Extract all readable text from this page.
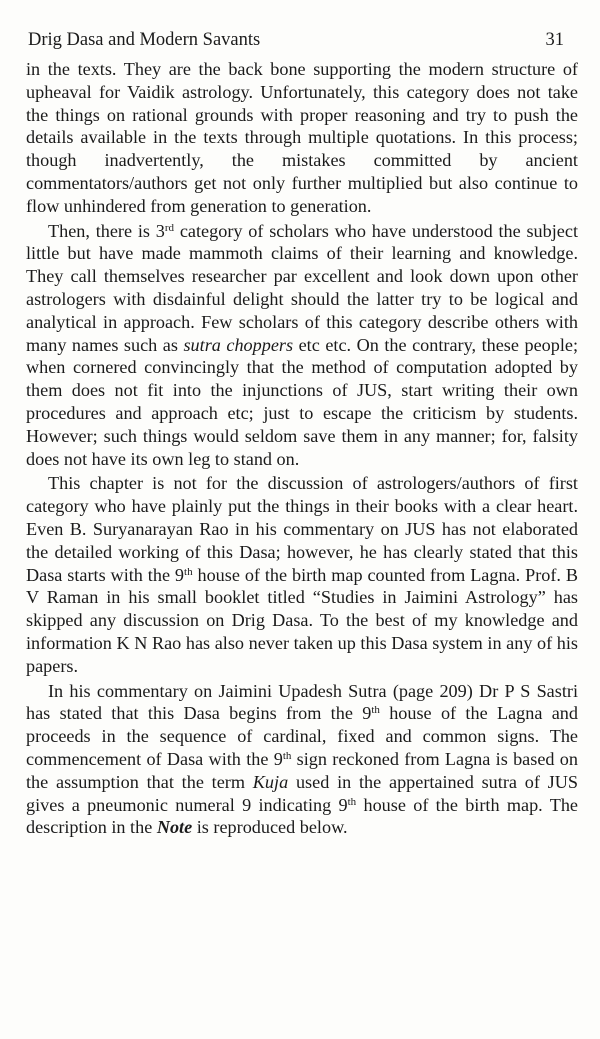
Drig Dasa and Modern Savants	31

in the texts. They are the back bone supporting the modern structure of upheaval for Vaidik astrology. Unfortunately, this category does not take the things on rational grounds with proper reasoning and try to push the details available in the texts through multiple quotations. In this process; though inadvertently, the mistakes committed by ancient commentators/authors get not only further multiplied but also continue to flow unhindered from generation to generation.

Then, there is 3rd category of scholars who have understood the subject little but have made mammoth claims of their learning and knowledge. They call themselves researcher par excellent and look down upon other astrologers with disdainful delight should the latter try to be logical and analytical in approach. Few scholars of this category describe others with many names such as sutra choppers etc etc. On the contrary, these people; when cornered convincingly that the method of computation adopted by them does not fit into the injunctions of JUS, start writing their own procedures and approach etc; just to escape the criticism by students. However; such things would seldom save them in any manner; for, falsity does not have its own leg to stand on.

This chapter is not for the discussion of astrologers/authors of first category who have plainly put the things in their books with a clear heart. Even B. Suryanarayan Rao in his commentary on JUS has not elaborated the detailed working of this Dasa; however, he has clearly stated that this Dasa starts with the 9th house of the birth map counted from Lagna. Prof. B V Raman in his small booklet titled “Studies in Jaimini Astrology” has skipped any discussion on Drig Dasa. To the best of my knowledge and information K N Rao has also never taken up this Dasa system in any of his papers.

In his commentary on Jaimini Upadesh Sutra (page 209) Dr P S Sastri has stated that this Dasa begins from the 9th house of the Lagna and proceeds in the sequence of cardinal, fixed and common signs. The commencement of Dasa with the 9th sign reckoned from Lagna is based on the assumption that the term Kuja used in the appertained sutra of JUS gives a pneumonic numeral 9 indicating 9th house of the birth map. The description in the Note is reproduced below.
